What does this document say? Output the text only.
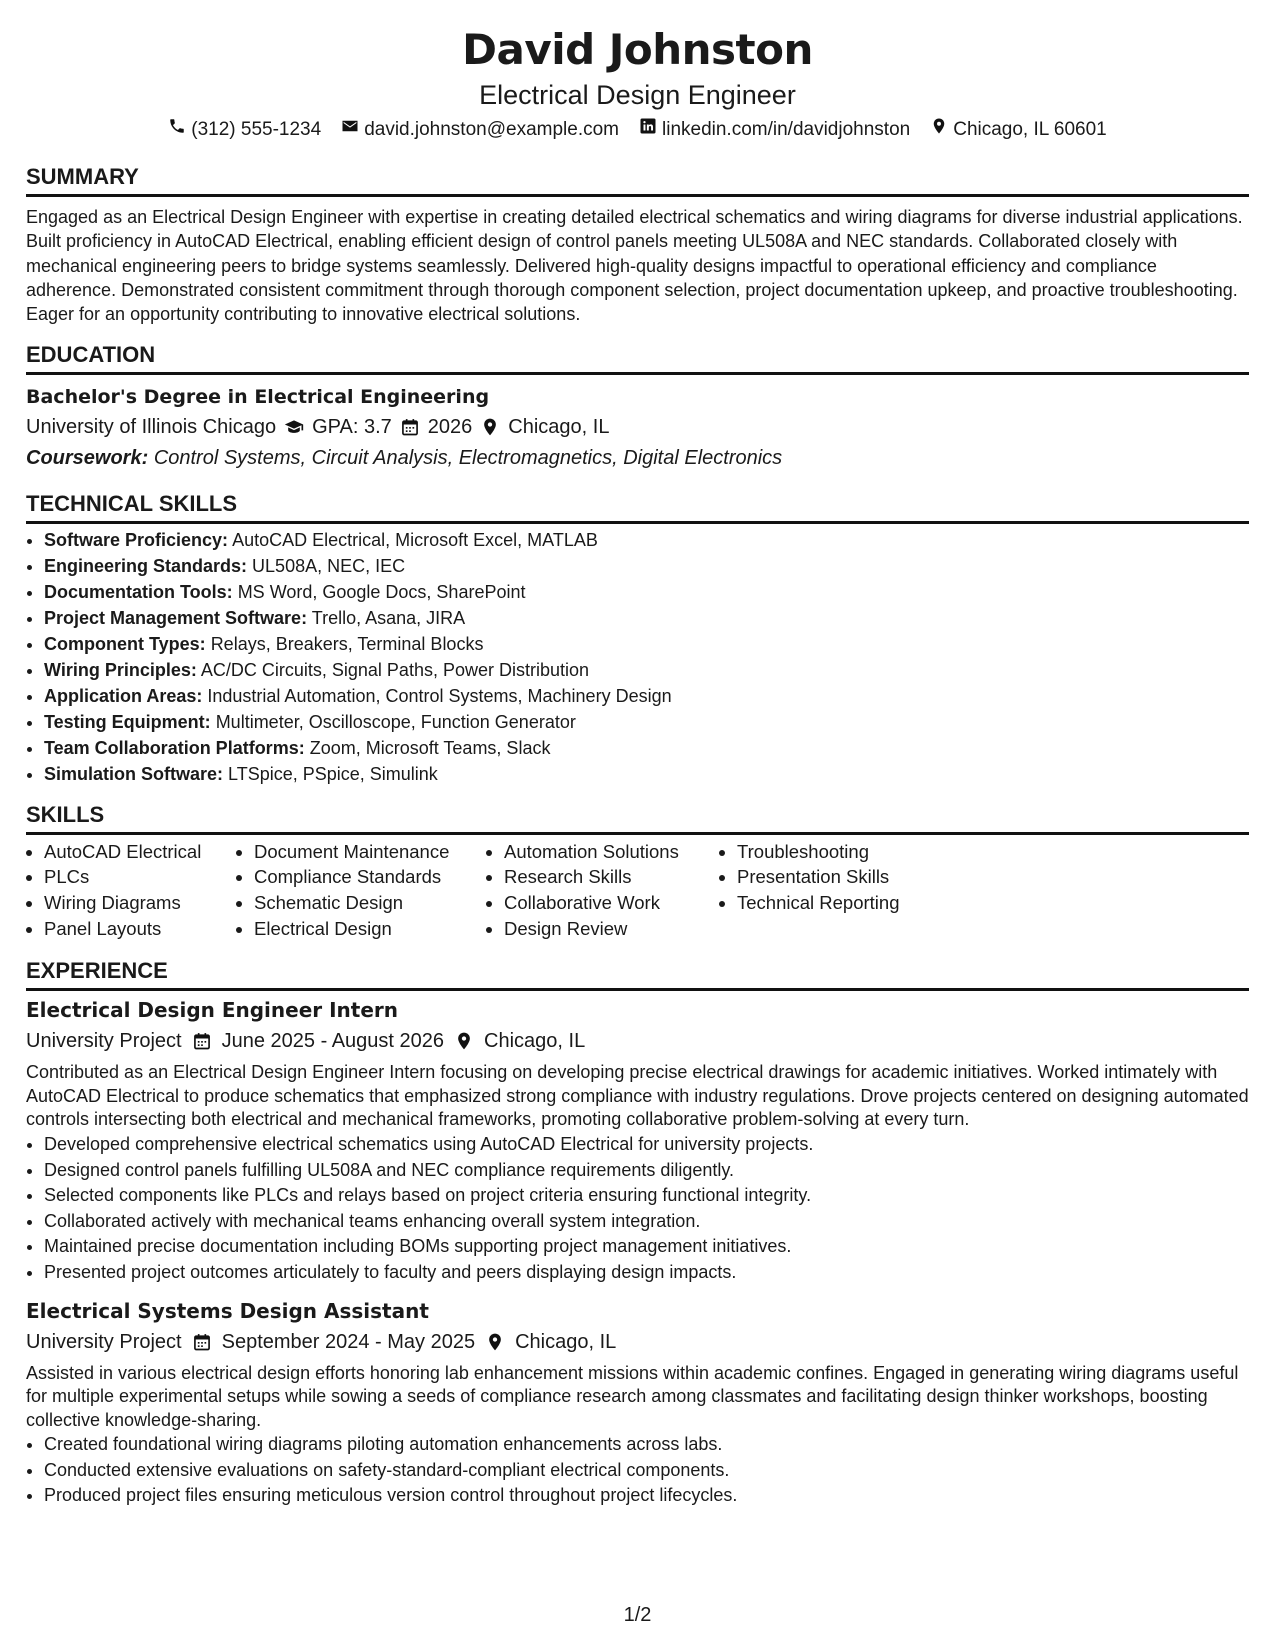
David Johnston
Electrical Design Engineer
(312) 555-1234 david.johnston@example.com linkedin.com/in/davidjohnston Chicago, IL 60601
SUMMARY

Engaged as an Electrical Design Engineer with expertise in creating detailed electrical schematics and wiring diagrams for diverse industrial applications. Built proficiency in AutoCAD Electrical, enabling efficient design of control panels meeting UL508A and NEC standards. Collaborated closely with mechanical engineering peers to bridge systems seamlessly. Delivered high-quality designs impactful to operational efficiency and compliance adherence. Demonstrated consistent commitment through thorough component selection, project documentation upkeep, and proactive troubleshooting. Eager for an opportunity contributing to innovative electrical solutions.

EDUCATION
Bachelor's Degree in Electrical Engineering
University of Illinois Chicago GPA: 3.7 2026 Chicago, IL
Coursework: Control Systems, Circuit Analysis, Electromagnetics, Digital Electronics
TECHNICAL SKILLS
• Software Proficiency: AutoCAD Electrical, Microsoft Excel, MATLAB
• Engineering Standards: UL508A, NEC, IEC
• Documentation Tools: MS Word, Google Docs, SharePoint
• Project Management Software: Trello, Asana, JIRA
• Component Types: Relays, Breakers, Terminal Blocks
• Wiring Principles: AC/DC Circuits, Signal Paths, Power Distribution
• Application Areas: Industrial Automation, Control Systems, Machinery Design
• Testing Equipment: Multimeter, Oscilloscope, Function Generator
• Team Collaboration Platforms: Zoom, Microsoft Teams, Slack
• Simulation Software: LTSpice, PSpice, Simulink
SKILLS
• AutoCAD Electrical
• PLCs
• Wiring Diagrams
• Panel Layouts
• Document Maintenance
• Compliance Standards
• Schematic Design
• Electrical Design
• Automation Solutions
• Research Skills
• Collaborative Work
• Design Review
• Troubleshooting
• Presentation Skills
• Technical Reporting
EXPERIENCE
Electrical Design Engineer Intern
University Project June 2025 - August 2026 Chicago, IL
Contributed as an Electrical Design Engineer Intern focusing on developing precise electrical drawings for academic initiatives. Worked intimately with AutoCAD Electrical to produce schematics that emphasized strong compliance with industry regulations. Drove projects centered on designing automated controls intersecting both electrical and mechanical frameworks, promoting collaborative problem-solving at every turn.
• Developed comprehensive electrical schematics using AutoCAD Electrical for university projects.
• Designed control panels fulfilling UL508A and NEC compliance requirements diligently.
• Selected components like PLCs and relays based on project criteria ensuring functional integrity.
• Collaborated actively with mechanical teams enhancing overall system integration.
• Maintained precise documentation including BOMs supporting project management initiatives.
• Presented project outcomes articulately to faculty and peers displaying design impacts.
Electrical Systems Design Assistant
University Project September 2024 - May 2025 Chicago, IL
Assisted in various electrical design efforts honoring lab enhancement missions within academic confines. Engaged in generating wiring diagrams useful for multiple experimental setups while sowing a seeds of compliance research among classmates and facilitating design thinker workshops, boosting collective knowledge-sharing.
• Created foundational wiring diagrams piloting automation enhancements across labs.
• Conducted extensive evaluations on safety-standard-compliant electrical components.
• Produced project files ensuring meticulous version control throughout project lifecycles.
1/2
